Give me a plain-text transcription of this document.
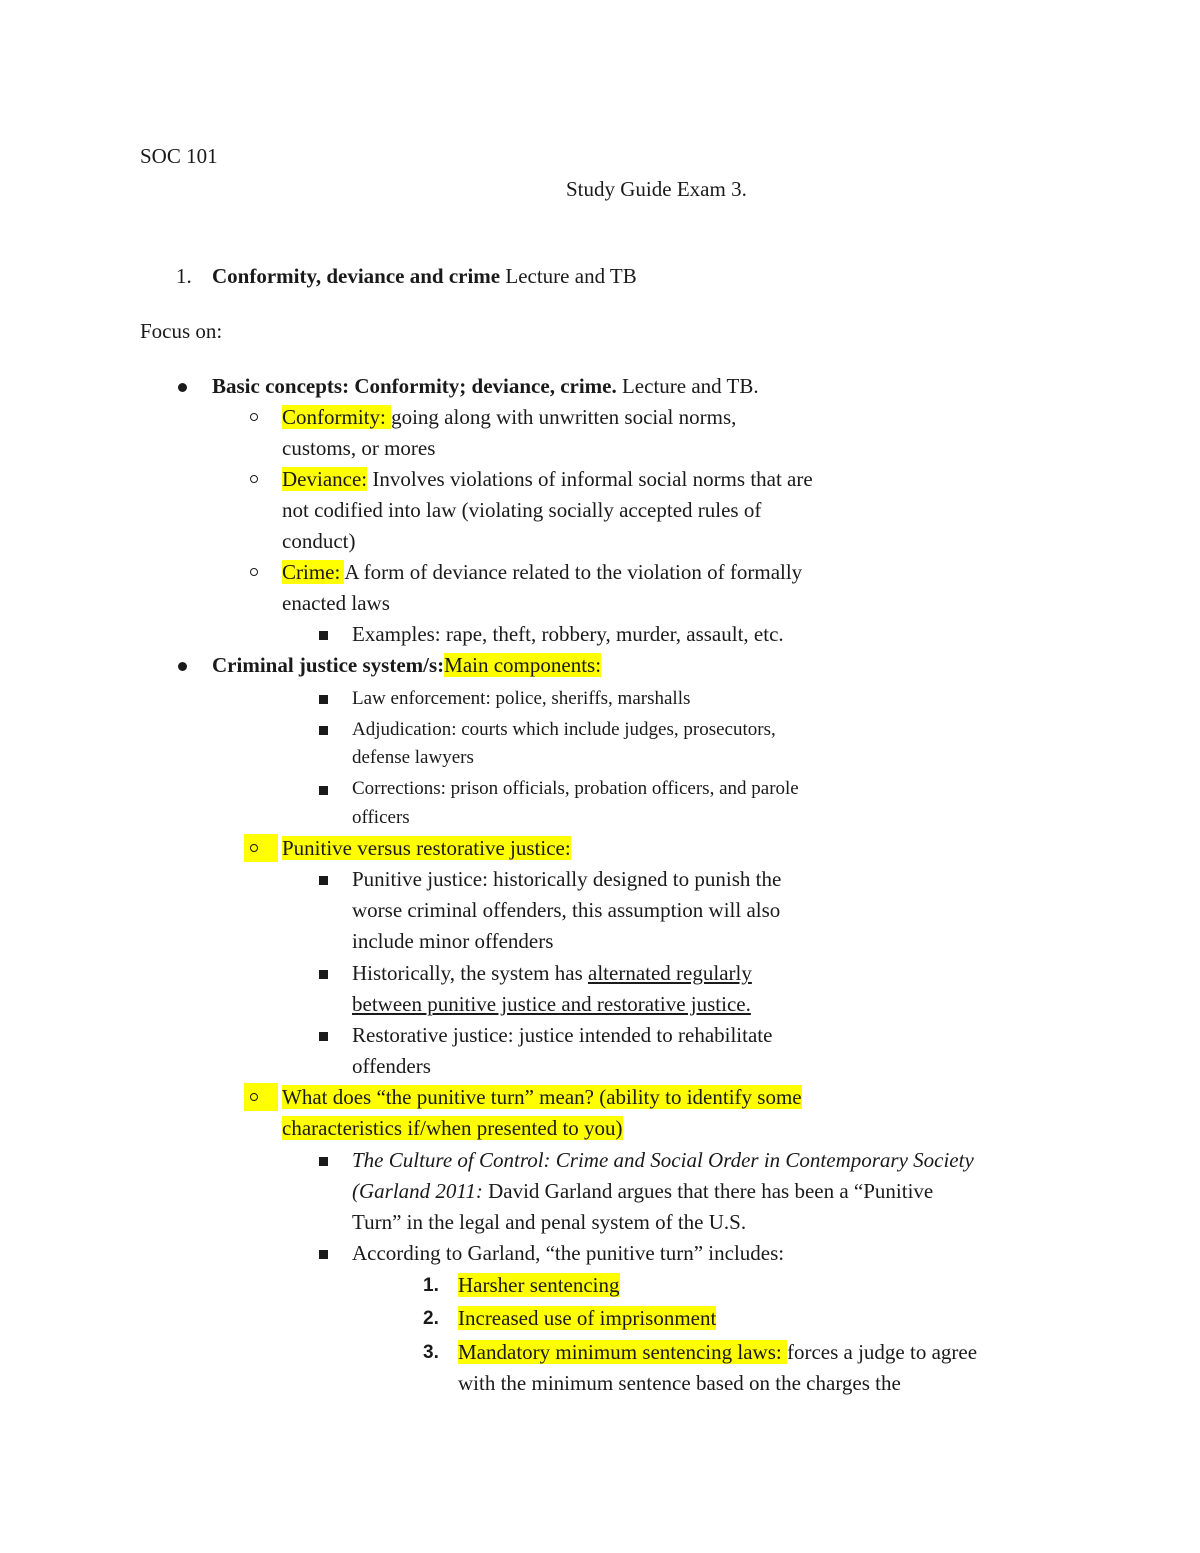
SOC 101
Study Guide Exam 3.
1. Conformity, deviance and crime Lecture and TB
Focus on:
Basic concepts: Conformity; deviance, crime. Lecture and TB.
Conformity: going along with unwritten social norms,
customs, or mores
Deviance: Involves violations of informal social norms that are
not codified into law (violating socially accepted rules of
conduct)
Crime: A form of deviance related to the violation of formally
enacted laws
Examples: rape, theft, robbery, murder, assault, etc.
Criminal justice system/s:Main components:
Law enforcement: police, sheriffs, marshalls
Adjudication: courts which include judges, prosecutors,
defense lawyers
Corrections: prison officials, probation officers, and parole
officers
Punitive versus restorative justice:
Punitive justice: historically designed to punish the
worse criminal offenders, this assumption will also
include minor offenders
Historically, the system has alternated regularly
between punitive justice and restorative justice.
Restorative justice: justice intended to rehabilitate
offenders
What does “the punitive turn” mean? (ability to identify some
characteristics if/when presented to you)
The Culture of Control: Crime and Social Order in Contemporary Society
(Garland 2011: David Garland argues that there has been a “Punitive
Turn” in the legal and penal system of the U.S.
According to Garland, “the punitive turn” includes:
1. Harsher sentencing
2. Increased use of imprisonment
3. Mandatory minimum sentencing laws: forces a judge to agree
with the minimum sentence based on the charges the
